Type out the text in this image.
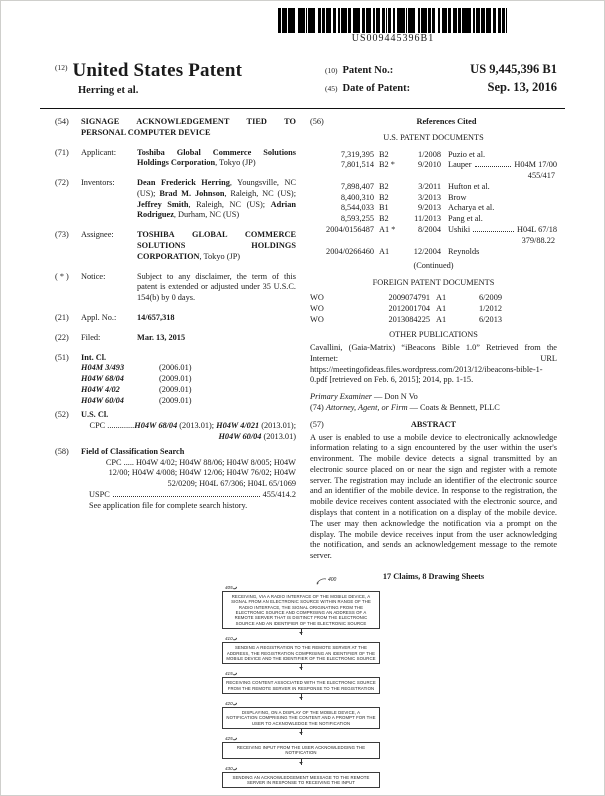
US009445396B1
$^{(12)}$ United States Patent
Herring et al.
(10) Patent No.:	US 9,445,396 B1
(45) Date of Patent:	Sep. 13, 2016
(54)	SIGNAGE ACKNOWLEDGEMENT TIED TO PERSONAL COMPUTER DEVICE
(71)	Applicant:	Toshiba Global Commerce Solutions Holdings Corporation, Tokyo (JP)
(72)	Inventors:	Dean Frederick Herring, Youngsville, NC (US); Brad M. Johnson, Raleigh, NC (US); Jeffrey Smith, Raleigh, NC (US); Adrian Rodriguez, Durham, NC (US)
(73)	Assignee:	TOSHIBA GLOBAL COMMERCE SOLUTIONS HOLDINGS CORPORATION, Tokyo (JP)
( * )	Notice:	Subject to any disclaimer, the term of this patent is extended or adjusted under 35 U.S.C. 154(b) by 0 days.
(21)	Appl. No.:	14/657,318
(22)	Filed:	Mar. 13, 2015
(51)	Int. Cl.
H04M 3/493	(2006.01)
H04W 68/04	(2009.01)
H04W 4/02	(2009.01)
H04W 60/04	(2009.01)
(52)	U.S. Cl.
CPC .............H04W 68/04 (2013.01); H04W 4/021 (2013.01); H04W 60/04 (2013.01)
(58)	Field of Classification Search
CPC ..... H04W 4/02; H04W 88/06; H04W 8/005; H04W 12/00; H04W 4/008; H04W 12/06; H04W 76/02; H04W 52/0209; H04L 67/306; H04L 65/1069
USPC	455/414.2
See application file for complete search history.
(56)	References Cited
U.S. PATENT DOCUMENTS
7,319,395 B2	1/2008 Puzio et al.
7,801,514 B2 *	9/2010 Lauper	H04M 17/00
455/417
7,898,407 B2	3/2011 Hufton et al.
8,400,310 B2	3/2013 Brow
8,544,033 B1	9/2013 Acharya et al.
8,593,255 B2	11/2013 Pang et al.
2004/0156487 A1 *	8/2004 Ushiki	H04L 67/18
379/88.22
2004/0266460 A1	12/2004 Reynolds
(Continued)
FOREIGN PATENT DOCUMENTS
WO	2009074791 A1	6/2009
WO	2012001704 A1	1/2012
WO	2013084225 A1	6/2013
OTHER PUBLICATIONS
Cavallini, (Gaia-Matrix) “iBeacons Bible 1.0” Retrieved from the Internet: URL https://meetingofideas.files.wordpress.com/2013/12/ibeacons-bible-1-0.pdf [retrieved on Feb. 6, 2015]; 2014, pp. 1-15.
Primary Examiner — Don N Vo
(74) Attorney, Agent, or Firm — Coats & Bennett, PLLC
(57)	ABSTRACT
A user is enabled to use a mobile device to electronically acknowledge information relating to a sign encountered by the user within the user's environment. The mobile device detects a signal transmitted by an electronic source placed on or near the sign and register with a remote server. The registration may include an identifier of the electronic source and an identifier of the mobile device. In response to the registration, the mobile device receives content associated with the electronic source, and displays that content in a notification on a display of the mobile device. The user may then acknowledge the notification via a prompt on the display. The mobile device receives input from the user acknowledging the notification, and sends an acknowledgement message to the remote server.
17 Claims, 8 Drawing Sheets
400
405
RECEIVING, VIA A RADIO INTERFACE OF THE MOBILE DEVICE, A SIGNAL FROM AN ELECTRONIC SOURCE WITHIN RANGE OF THE RADIO INTERFACE, THE SIGNAL ORIGINATING FROM THE ELECTRONIC SOURCE AND COMPRISING AN ADDRESS OF A REMOTE SERVER THAT IS DISTINCT FROM THE ELECTRONIC SOURCE AND AN IDENTIFIER OF THE ELECTRONIC SOURCE
410
SENDING A REGISTRATION TO THE REMOTE SERVER AT THE ADDRESS, THE REGISTRATION COMPRISING AN IDENTIFIER OF THE MOBILE DEVICE AND THE IDENTIFIER OF THE ELECTRONIC SOURCE
415
RECEIVING CONTENT ASSOCIATED WITH THE ELECTRONIC SOURCE FROM THE REMOTE SERVER IN RESPONSE TO THE REGISTRATION
420
DISPLAYING, ON A DISPLAY OF THE MOBILE DEVICE, A NOTIFICATION COMPRISING THE CONTENT AND A PROMPT FOR THE USER TO ACKNOWLEDGE THE NOTIFICATION
425
RECEIVING INPUT FROM THE USER ACKNOWLEDGING THE NOTIFICATION
430
SENDING AN ACKNOWLEDGEMENT MESSAGE TO THE REMOTE SERVER IN RESPONSE TO RECEIVING THE INPUT
